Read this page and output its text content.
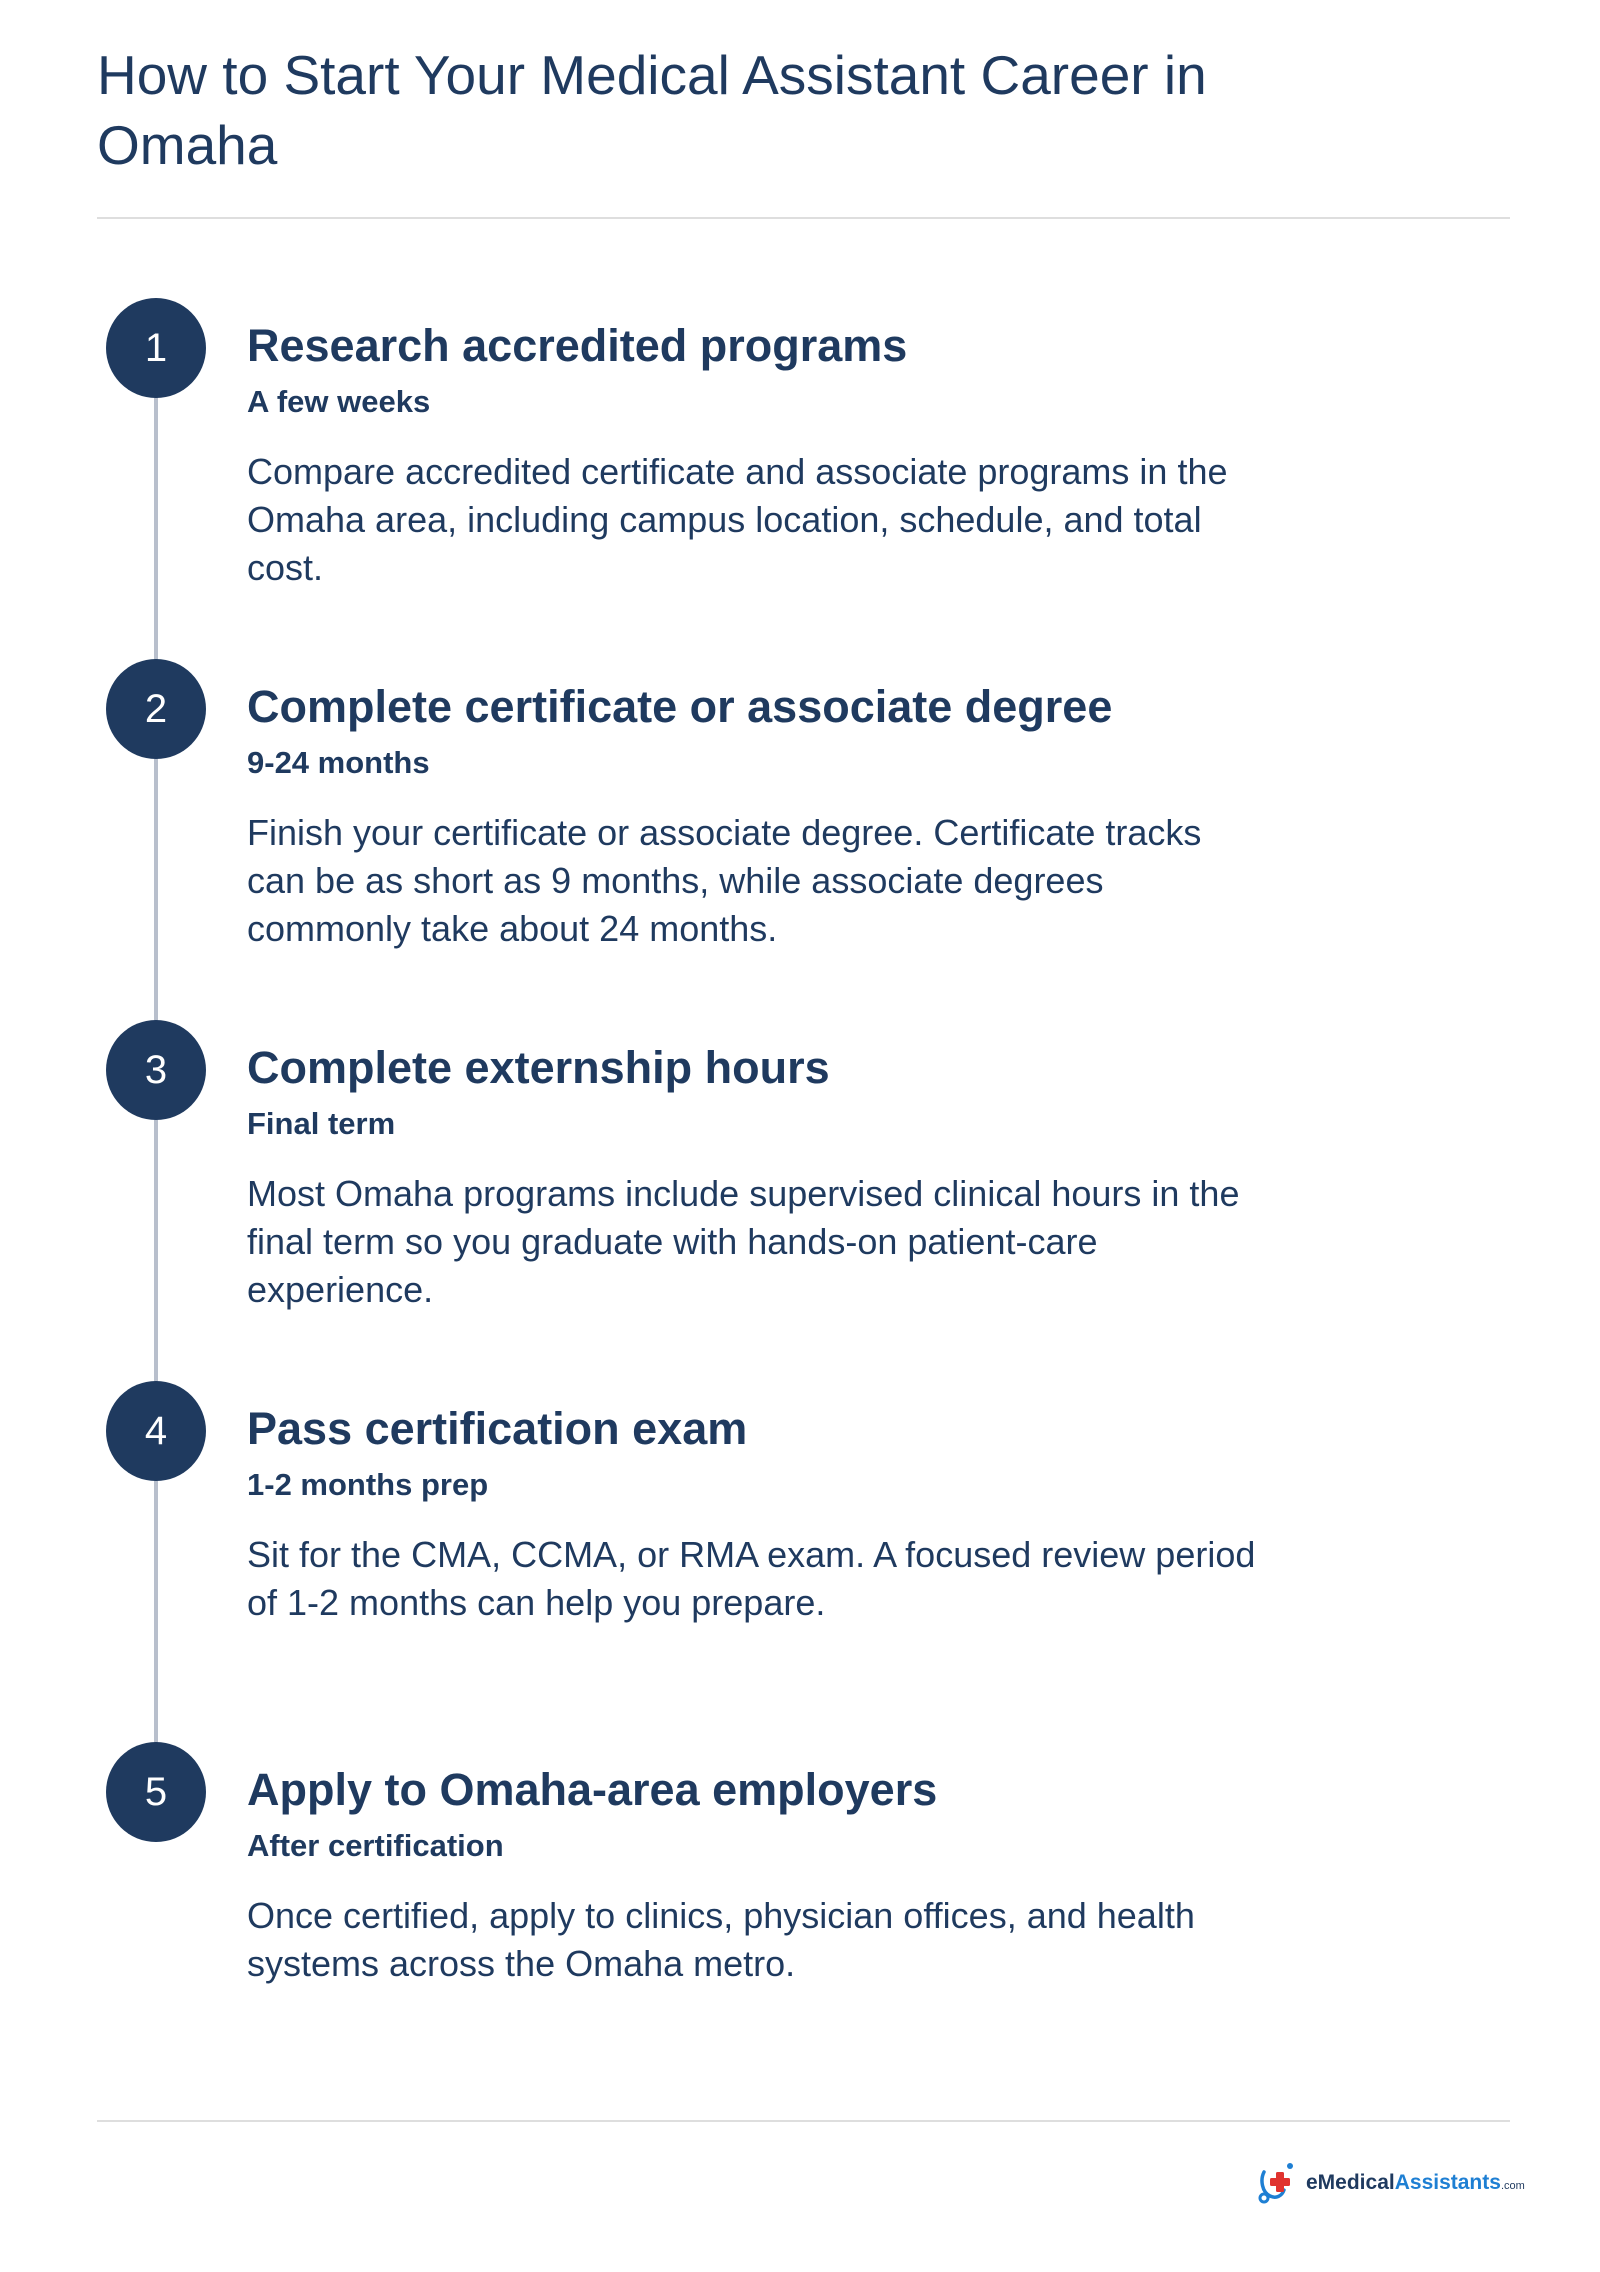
How to Start Your Medical Assistant Career in Omaha
1	Research accredited programs
A few weeks
Compare accredited certificate and associate programs in the Omaha area, including campus location, schedule, and total cost.
2	Complete certificate or associate degree
9-24 months
Finish your certificate or associate degree. Certificate tracks can be as short as 9 months, while associate degrees commonly take about 24 months.
3	Complete externship hours
Final term
Most Omaha programs include supervised clinical hours in the final term so you graduate with hands-on patient-care experience.
4	Pass certification exam
1-2 months prep
Sit for the CMA, CCMA, or RMA exam. A focused review period of 1-2 months can help you prepare.
5	Apply to Omaha-area employers
After certification
Once certified, apply to clinics, physician offices, and health systems across the Omaha metro.
eMedicalAssistants.com
